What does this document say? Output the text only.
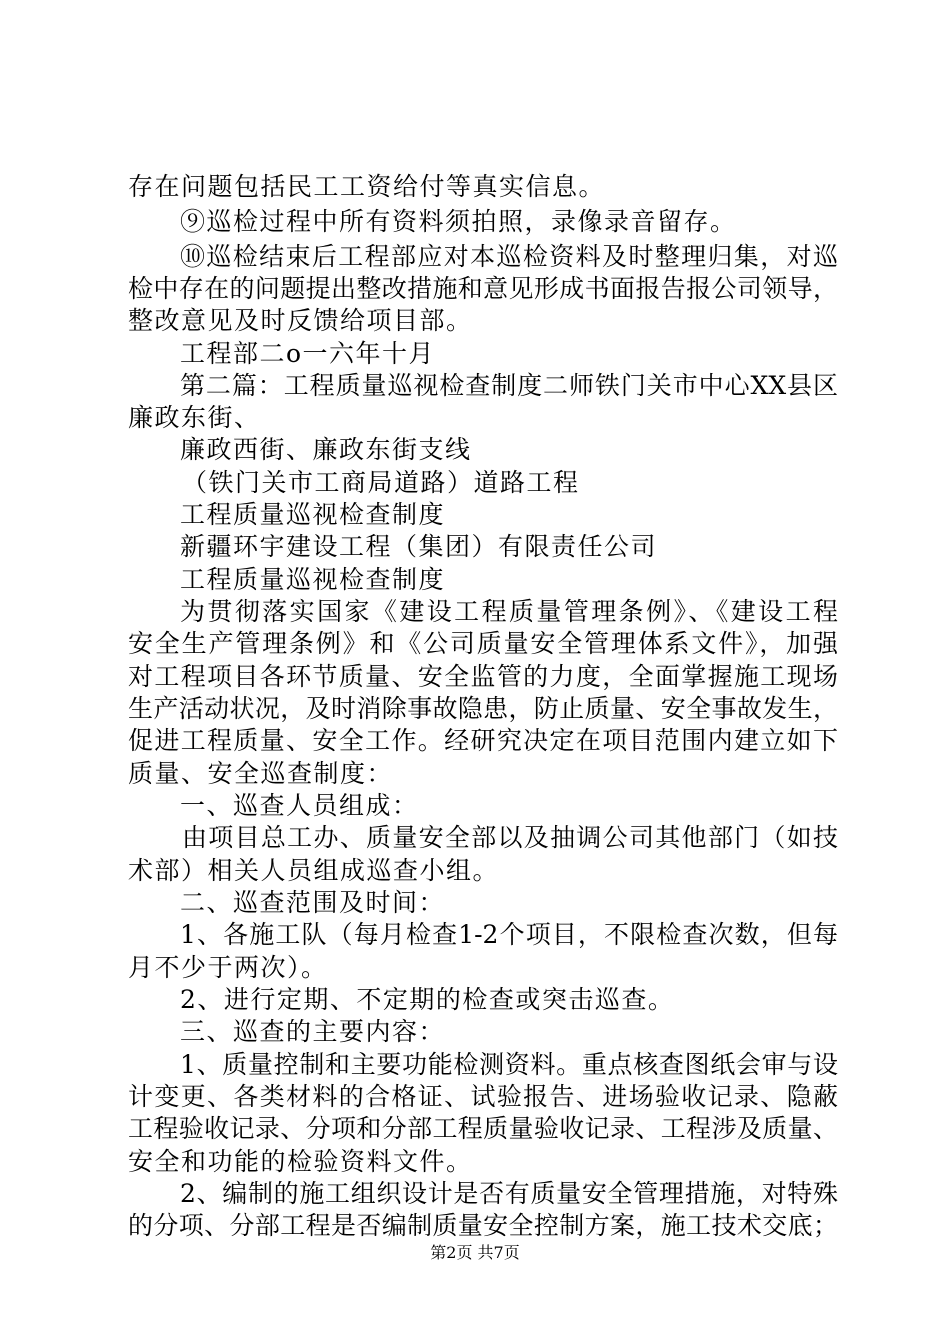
存在问题包括民工工资给付等真实信息。
⑨巡检过程中所有资料须拍照，录像录音留存。
⑩巡检结束后工程部应对本巡检资料及时整理归集，对巡
检中存在的问题提出整改措施和意见形成书面报告报公司领导，
整改意见及时反馈给项目部。
工程部二o一六年十月
第二篇：工程质量巡视检查制度二师铁门关市中心XX县区
廉政东街、
廉政西街、廉政东街支线
（铁门关市工商局道路）道路工程
工程质量巡视检查制度
新疆环宇建设工程（集团）有限责任公司
工程质量巡视检查制度
为贯彻落实国家《建设工程质量管理条例》、《建设工程
安全生产管理条例》和《公司质量安全管理体系文件》，加强
对工程项目各环节质量、安全监管的力度，全面掌握施工现场
生产活动状况，及时消除事故隐患，防止质量、安全事故发生，
促进工程质量、安全工作。经研究决定在项目范围内建立如下
质量、安全巡查制度：
一、巡查人员组成：
由项目总工办、质量安全部以及抽调公司其他部门（如技
术部）相关人员组成巡查小组。
二、巡查范围及时间：
1、各施工队（每月检查1-2个项目，不限检查次数，但每
月不少于两次）。
2、进行定期、不定期的检查或突击巡查。
三、巡查的主要内容：
1、质量控制和主要功能检测资料。重点核查图纸会审与设
计变更、各类材料的合格证、试验报告、进场验收记录、隐蔽
工程验收记录、分项和分部工程质量验收记录、工程涉及质量、
安全和功能的检验资料文件。
2、编制的施工组织设计是否有质量安全管理措施，对特殊
的分项、分部工程是否编制质量安全控制方案，施工技术交底；
第2页 共7页
